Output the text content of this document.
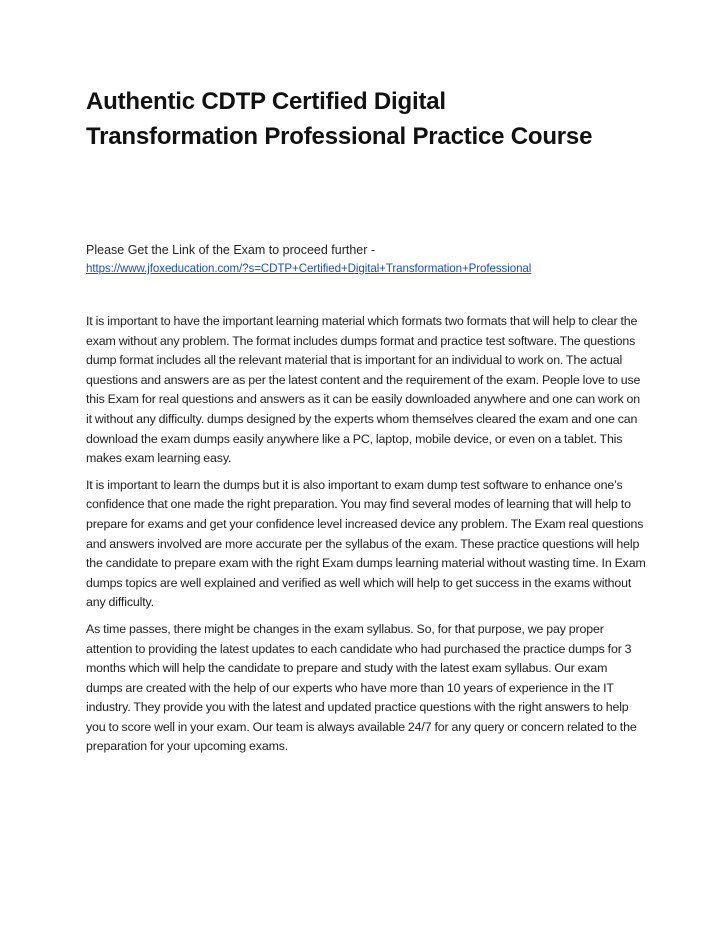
Authentic CDTP Certified Digital
Transformation Professional Practice Course
Please Get the Link of the Exam to proceed further -
https://www.jfoxeducation.com/?s=CDTP+Certified+Digital+Transformation+Professional

It is important to have the important learning material which formats two formats that will help to clear the exam without any problem. The format includes dumps format and practice test software. The questions dump format includes all the relevant material that is important for an individual to work on. The actual questions and answers are as per the latest content and the requirement of the exam. People love to use this Exam for real questions and answers as it can be easily downloaded anywhere and one can work on it without any difficulty. dumps designed by the experts whom themselves cleared the exam and one can download the exam dumps easily anywhere like a PC, laptop, mobile device, or even on a tablet. This makes exam learning easy.

It is important to learn the dumps but it is also important to exam dump test software to enhance one’s confidence that one made the right preparation. You may find several modes of learning that will help to prepare for exams and get your confidence level increased device any problem. The Exam real questions and answers involved are more accurate per the syllabus of the exam. These practice questions will help the candidate to prepare exam with the right Exam dumps learning material without wasting time. In Exam dumps topics are well explained and verified as well which will help to get success in the exams without any difficulty.

As time passes, there might be changes in the exam syllabus. So, for that purpose, we pay proper attention to providing the latest updates to each candidate who had purchased the practice dumps for 3 months which will help the candidate to prepare and study with the latest exam syllabus. Our exam dumps are created with the help of our experts who have more than 10 years of experience in the IT industry. They provide you with the latest and updated practice questions with the right answers to help you to score well in your exam. Our team is always available 24/7 for any query or concern related to the preparation for your upcoming exams.
